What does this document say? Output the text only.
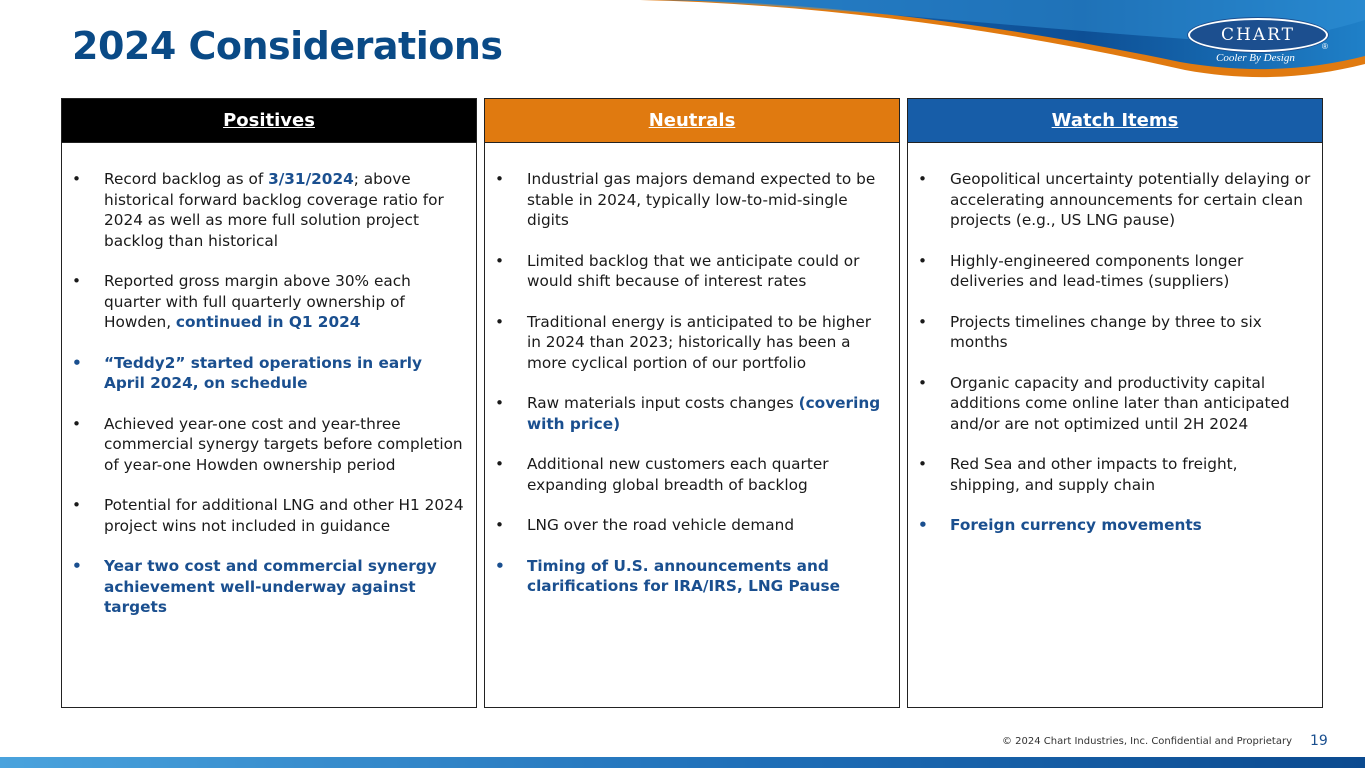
2024 Considerations	CHART
®
Cooler By Design
Positives
• Record backlog as of 3/31/2024; above historical forward backlog coverage ratio for 2024 as well as more full solution project backlog than historical
• Reported gross margin above 30% each quarter with full quarterly ownership of Howden, continued in Q1 2024
• “Teddy2” started operations in early April 2024, on schedule
• Achieved year-one cost and year-three commercial synergy targets before completion of year-one Howden ownership period
• Potential for additional LNG and other H1 2024 project wins not included in guidance
• Year two cost and commercial synergy achievement well-underway against targets
Neutrals
• Industrial gas majors demand expected to be stable in 2024, typically low-to-mid-single digits
• Limited backlog that we anticipate could or would shift because of interest rates
• Traditional energy is anticipated to be higher in 2024 than 2023; historically has been a more cyclical portion of our portfolio
• Raw materials input costs changes (covering with price)
• Additional new customers each quarter expanding global breadth of backlog
• LNG over the road vehicle demand
• Timing of U.S. announcements and clarifications for IRA/IRS, LNG Pause
Watch Items
• Geopolitical uncertainty potentially delaying or accelerating announcements for certain clean projects (e.g., US LNG pause)
• Highly-engineered components longer deliveries and lead-times (suppliers)
• Projects timelines change by three to six months
• Organic capacity and productivity capital additions come online later than anticipated and/or are not optimized until 2H 2024
• Red Sea and other impacts to freight, shipping, and supply chain
• Foreign currency movements
© 2024 Chart Industries, Inc. Confidential and Proprietary 19
